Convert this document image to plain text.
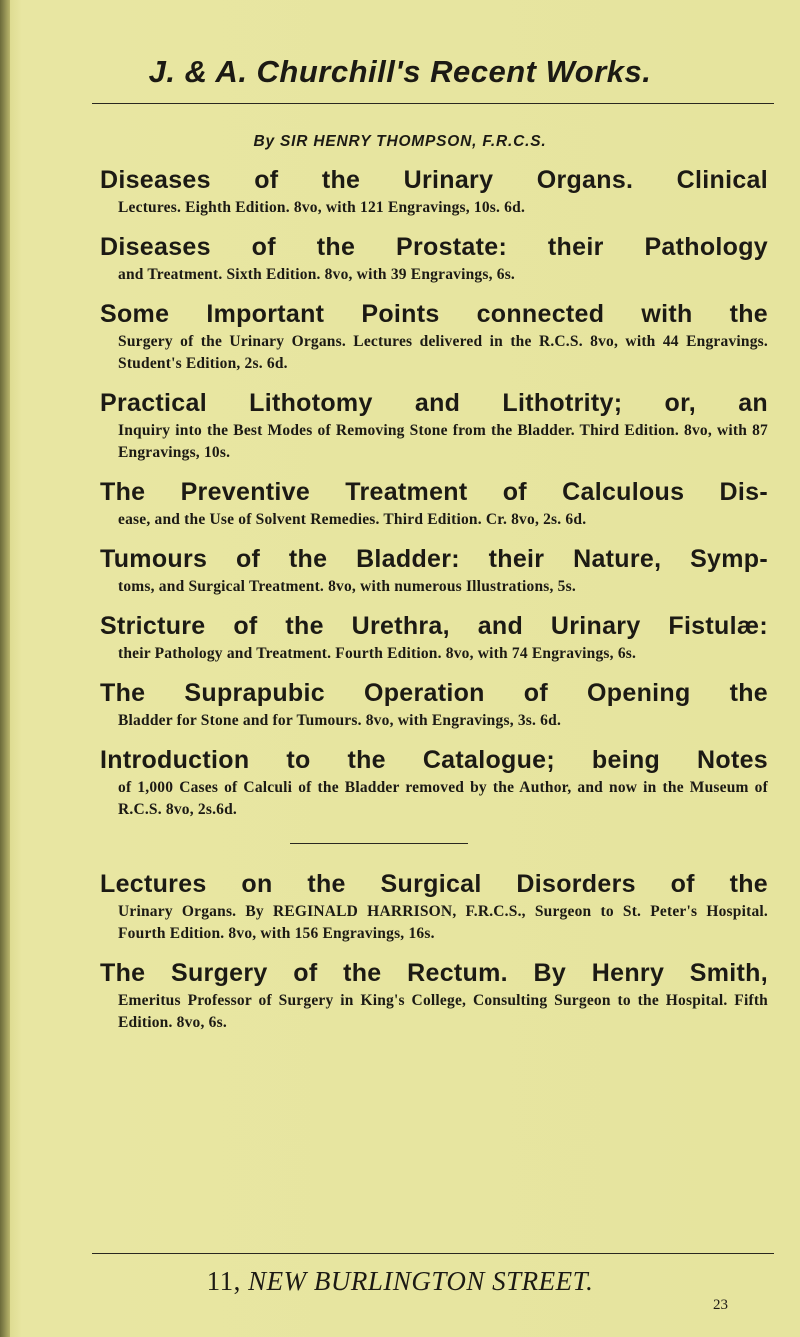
J. & A. Churchill's Recent Works.
By SIR HENRY THOMPSON, F.R.C.S.
Diseases of the Urinary Organs. Clinical
Lectures. Eighth Edition. 8vo, with 121 Engravings, 10s. 6d.
Diseases of the Prostate: their Pathology
and Treatment. Sixth Edition. 8vo, with 39 Engravings, 6s.
Some Important Points connected with the
Surgery of the Urinary Organs. Lectures delivered in the R.C.S. 8vo, with 44 Engravings. Student's Edition, 2s. 6d.
Practical Lithotomy and Lithotrity; or, an
Inquiry into the Best Modes of Removing Stone from the Bladder. Third Edition. 8vo, with 87 Engravings, 10s.
The Preventive Treatment of Calculous Dis-
ease, and the Use of Solvent Remedies. Third Edition. Cr. 8vo, 2s. 6d.
Tumours of the Bladder: their Nature, Symp-
toms, and Surgical Treatment. 8vo, with numerous Illustrations, 5s.
Stricture of the Urethra, and Urinary Fistulæ:
their Pathology and Treatment. Fourth Edition. 8vo, with 74 Engravings, 6s.
The Suprapubic Operation of Opening the
Bladder for Stone and for Tumours. 8vo, with Engravings, 3s. 6d.
Introduction to the Catalogue; being Notes
of 1,000 Cases of Calculi of the Bladder removed by the Author, and now in the Museum of R.C.S. 8vo, 2s.6d.
Lectures on the Surgical Disorders of the
Urinary Organs. By REGINALD HARRISON, F.R.C.S., Surgeon to St. Peter's Hospital. Fourth Edition. 8vo, with 156 Engravings, 16s.
The Surgery of the Rectum. By Henry Smith,
Emeritus Professor of Surgery in King's College, Consulting Surgeon to the Hospital. Fifth Edition. 8vo, 6s.
11, NEW BURLINGTON STREET.
23
